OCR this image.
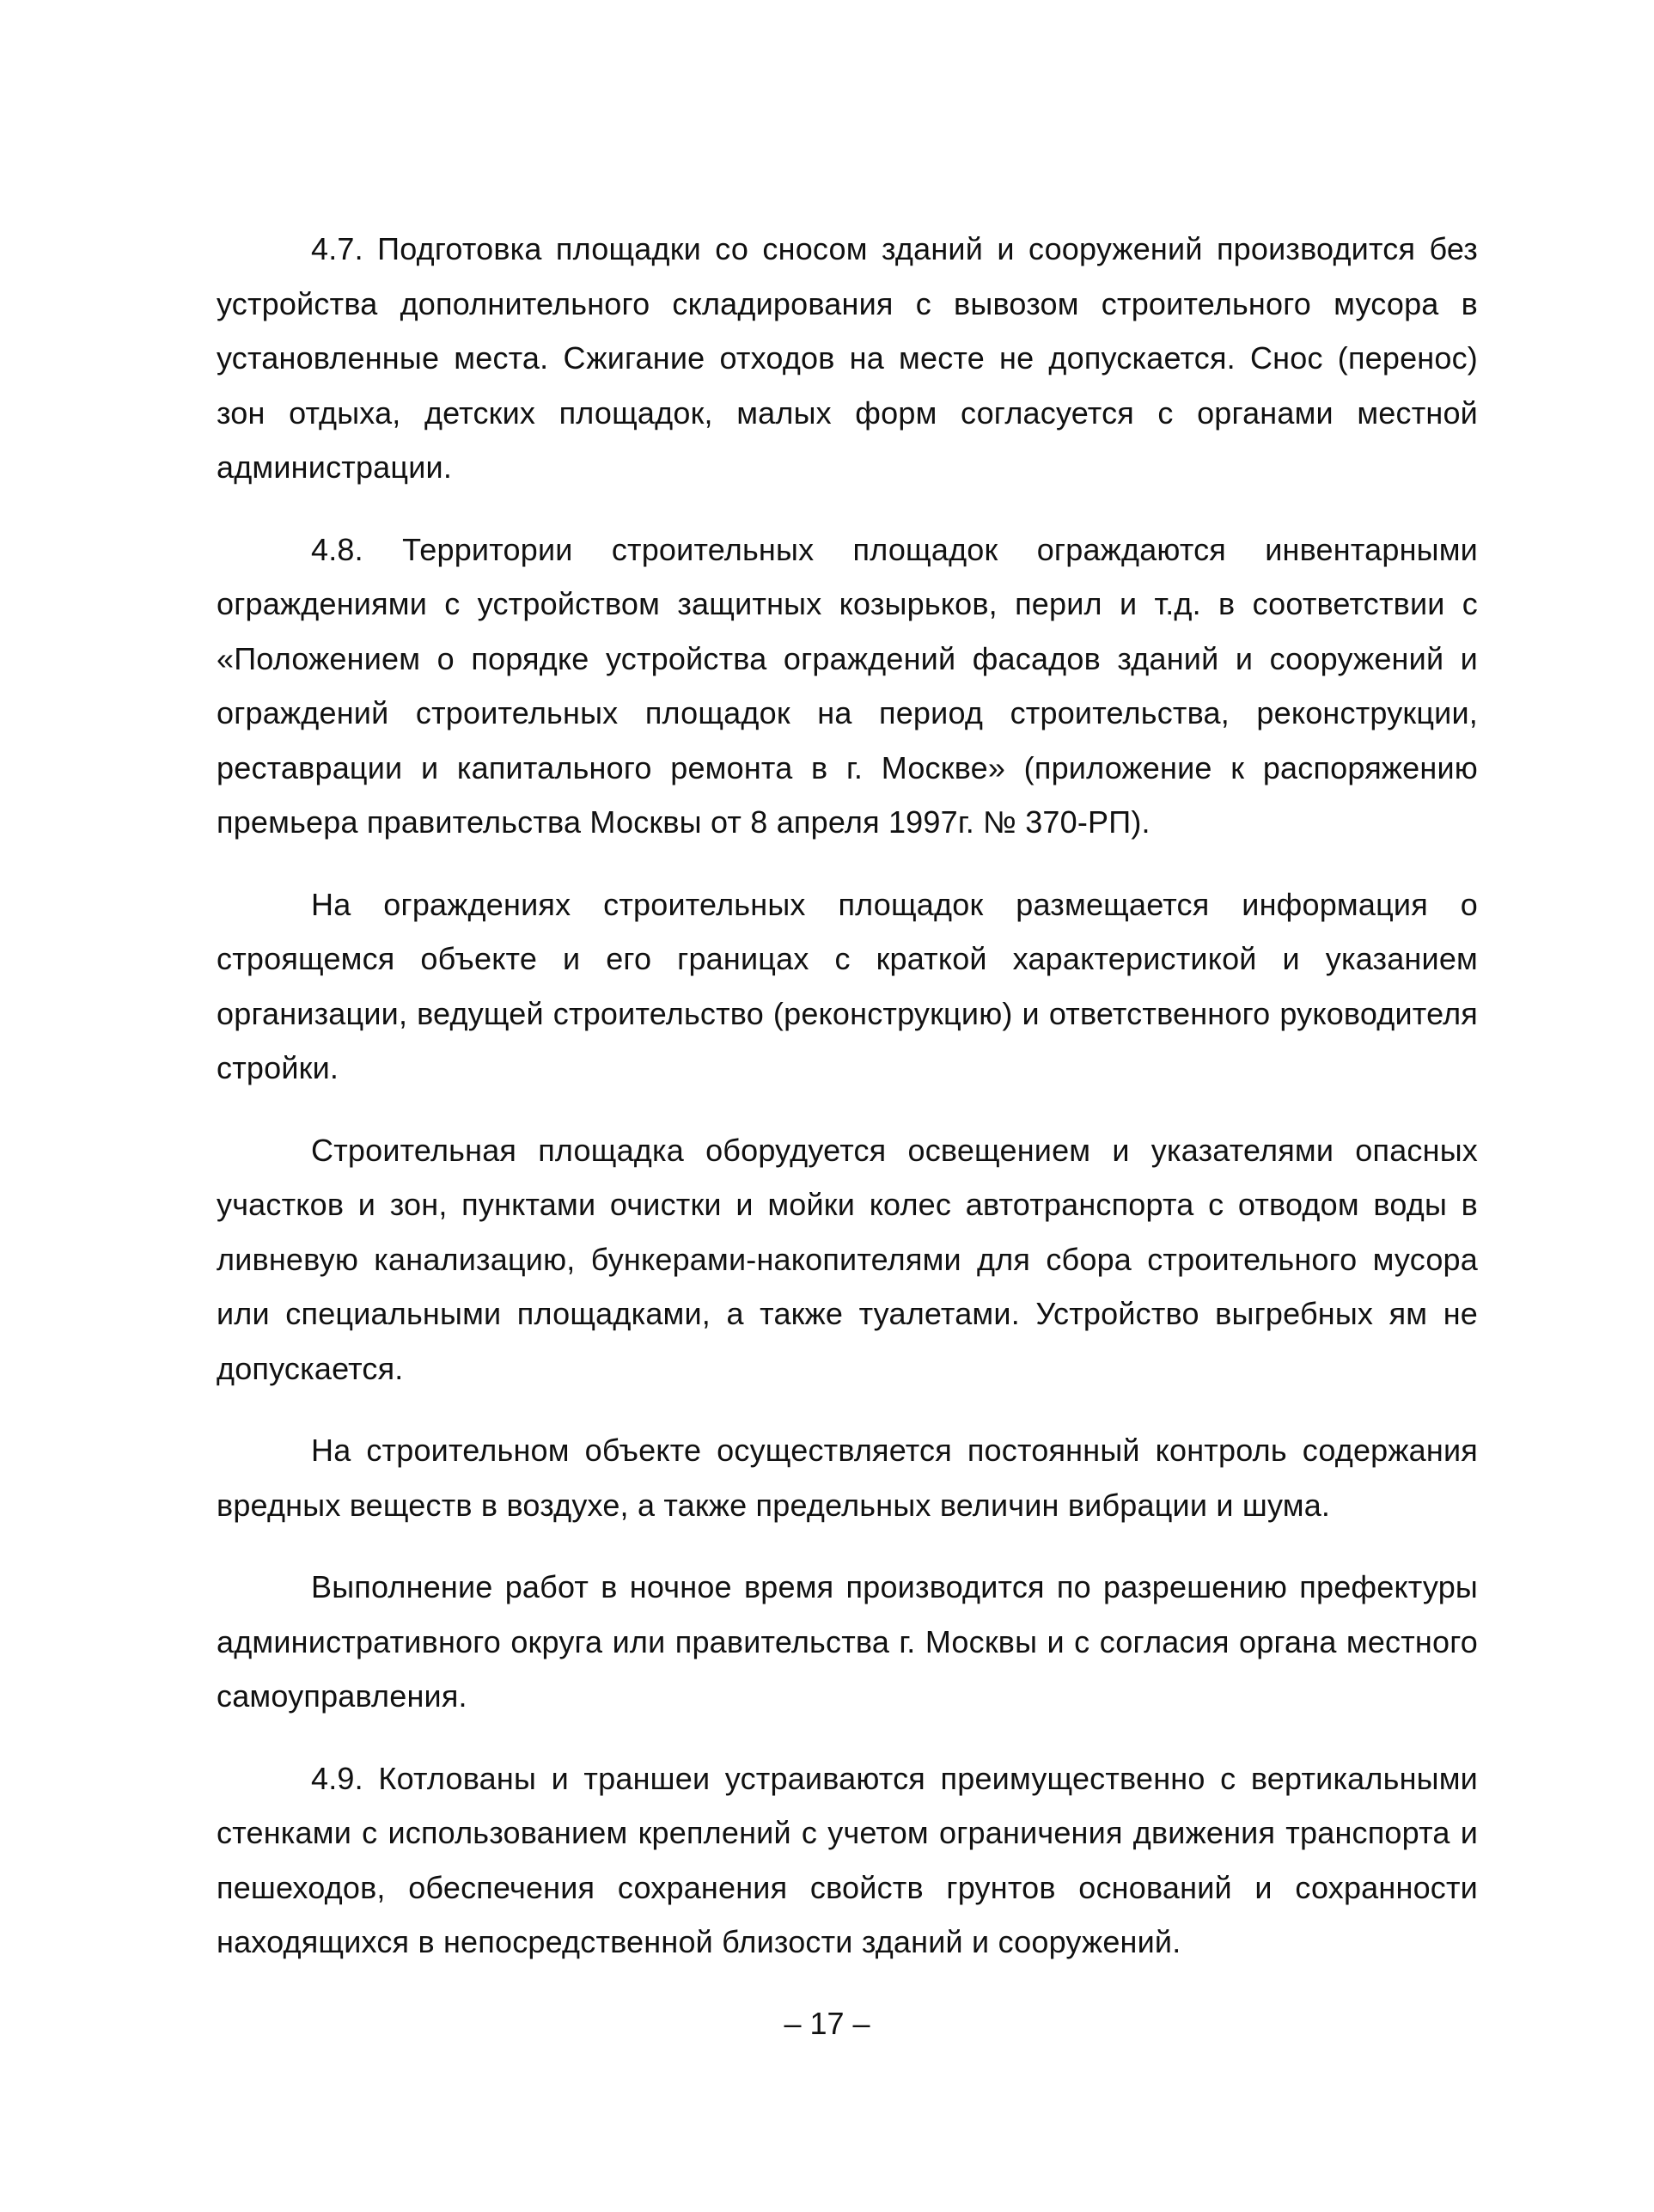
4.7. Подготовка площадки со сносом зданий и сооружений производится без устройства дополнительного складирования с вывозом строительного мусора в установленные места. Сжигание отходов на месте не допускается. Снос (перенос) зон отдыха, детских площадок, малых форм согласуется с органами местной администрации.

4.8. Территории строительных площадок ограждаются инвентарными ограждениями с устройством защитных козырьков, перил и т.д. в соответствии с «Положением о порядке устройства ограждений фасадов зданий и сооружений и ограждений строительных площадок на период строительства, реконструкции, реставрации и капитального ремонта в г. Москве» (приложение к распоряжению премьера правительства Москвы от 8 апреля 1997г. № 370-РП).

На ограждениях строительных площадок размещается информация о строящемся объекте и его границах с краткой характеристикой и указанием организации, ведущей строительство (реконструкцию) и ответственного руководителя стройки.

Строительная площадка оборудуется освещением и указателями опасных участков и зон, пунктами очистки и мойки колес автотранспорта с отводом воды в ливневую канализацию, бункерами-накопителями для сбора строительного мусора или специальными площадками, а также туалетами. Устройство выгребных ям не допускается.

На строительном объекте осуществляется постоянный контроль содержания вредных веществ в воздухе, а также предельных величин вибрации и шума.

Выполнение работ в ночное время производится по разрешению префектуры административного округа или правительства г. Москвы и с согласия органа местного самоуправления.

4.9. Котлованы и траншеи устраиваются преимущественно с вертикальными стенками с использованием креплений с учетом ограничения движения транспорта и пешеходов, обеспечения сохранения свойств грунтов оснований и сохранности находящихся в непосредственной близости зданий и сооружений.

– 17 –
